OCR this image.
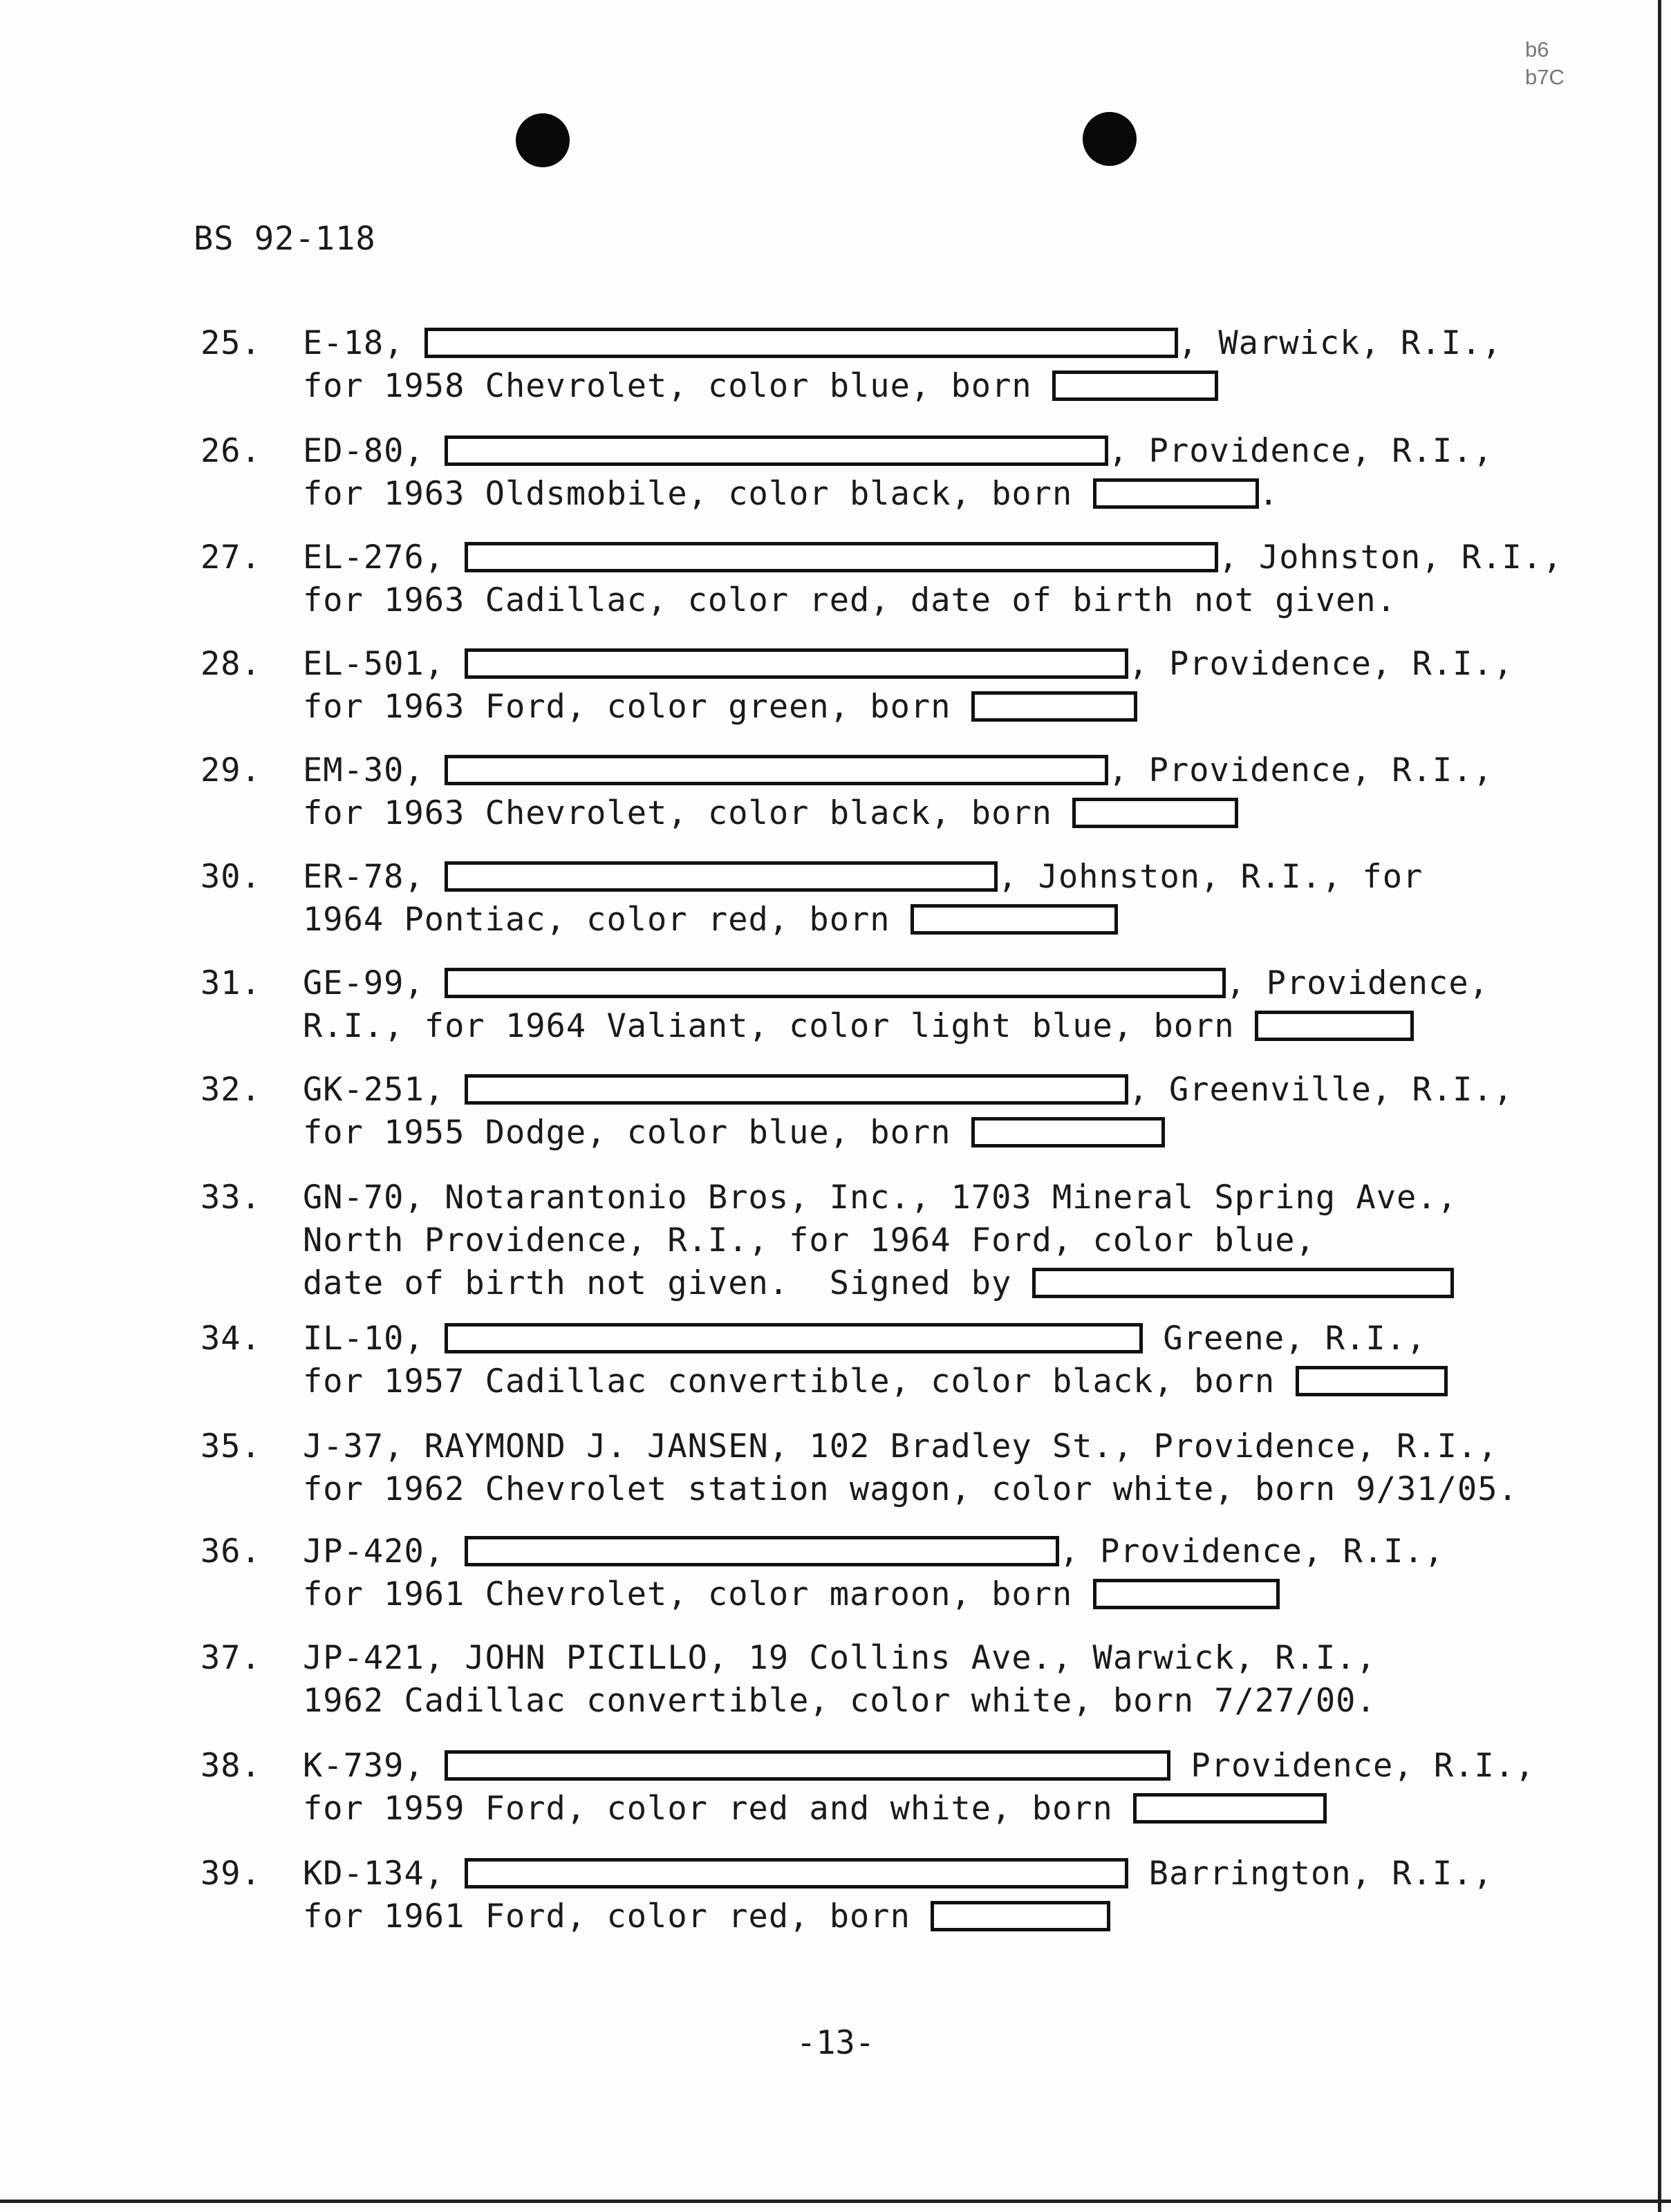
b6
b7C
BS 92-118
25. E-18,	, Warwick, R.I.,
for 1958 Chevrolet, color blue, born
26. ED-80,	, Providence, R.I.,
for 1963 Oldsmobile, color black, born	.
27. EL-276,	, Johnston, R.I.,
for 1963 Cadillac, color red, date of birth not given.
28. EL-501,	, Providence, R.I.,
for 1963 Ford, color green, born
29. EM-30,	, Providence, R.I.,
for 1963 Chevrolet, color black, born
30. ER-78,	, Johnston, R.I., for
1964 Pontiac, color red, born
31. GE-99,	, Providence,
R.I., for 1964 Valiant, color light blue, born
32. GK-251,	, Greenville, R.I.,
for 1955 Dodge, color blue, born
33. GN-70, Notarantonio Bros, Inc., 1703 Mineral Spring Ave.,
North Providence, R.I., for 1964 Ford, color blue,
date of birth not given.  Signed by
34. IL-10,	Greene, R.I.,
for 1957 Cadillac convertible, color black, born
35. J-37, RAYMOND J. JANSEN, 102 Bradley St., Providence, R.I.,
for 1962 Chevrolet station wagon, color white, born 9/31/05.
36. JP-420,	, Providence, R.I.,
for 1961 Chevrolet, color maroon, born
37. JP-421, JOHN PICILLO, 19 Collins Ave., Warwick, R.I.,
1962 Cadillac convertible, color white, born 7/27/00.
38. K-739,	Providence, R.I.,
for 1959 Ford, color red and white, born
39. KD-134,	Barrington, R.I.,
for 1961 Ford, color red, born
-13-
